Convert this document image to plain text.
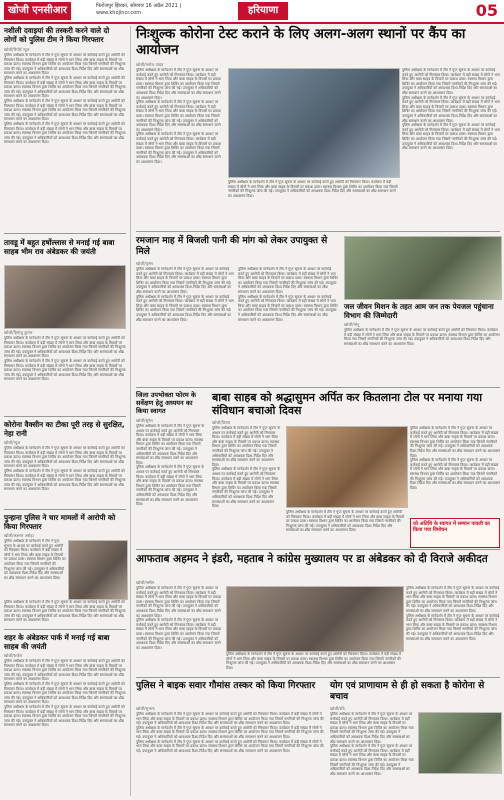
खोजी एनसीआर	फिरोजपुर झिरका, सोमवार 16 अप्रैल 2021 | www.khojincr.com	हरियाणा	05
नशीली दवाइयां की तस्करी करने वाले दो लोगों को पुलिस टीम ने किया गिरफ्तार
खोजी/रिपोर्ट न्यूज
पुलिस अधीक्षक के मार्गदर्शन में टीम ने गुप्त सूचना के आधार पर कार्रवाई करते हुए आरोपी को गिरफ्तार किया। कार्यक्रम में बड़ी संख्या में लोगों ने भाग लिया और बाबा साहब के विचारों पर प्रकाश डाला। स्वास्थ्य विभाग द्वारा शिविर का आयोजन किया गया जिसमें नागरिकों की निःशुल्क जांच की गई। उपायुक्त ने अधिकारियों को आवश्यक दिशा-निर्देश दिए और समस्याओं का शीघ्र समाधान करने का आश्वासन दिया।
पुलिस अधीक्षक के मार्गदर्शन में टीम ने गुप्त सूचना के आधार पर कार्रवाई करते हुए आरोपी को गिरफ्तार किया। कार्यक्रम में बड़ी संख्या में लोगों ने भाग लिया और बाबा साहब के विचारों पर प्रकाश डाला। स्वास्थ्य विभाग द्वारा शिविर का आयोजन किया गया जिसमें नागरिकों की निःशुल्क जांच की गई। उपायुक्त ने अधिकारियों को आवश्यक दिशा-निर्देश दिए और समस्याओं का शीघ्र समाधान करने का आश्वासन दिया।
पुलिस अधीक्षक के मार्गदर्शन में टीम ने गुप्त सूचना के आधार पर कार्रवाई करते हुए आरोपी को गिरफ्तार किया। कार्यक्रम में बड़ी संख्या में लोगों ने भाग लिया और बाबा साहब के विचारों पर प्रकाश डाला। स्वास्थ्य विभाग द्वारा शिविर का आयोजन किया गया जिसमें नागरिकों की निःशुल्क जांच की गई। उपायुक्त ने अधिकारियों को आवश्यक दिशा-निर्देश दिए और समस्याओं का शीघ्र समाधान करने का आश्वासन दिया।
पुलिस अधीक्षक के मार्गदर्शन में टीम ने गुप्त सूचना के आधार पर कार्रवाई करते हुए आरोपी को गिरफ्तार किया। कार्यक्रम में बड़ी संख्या में लोगों ने भाग लिया और बाबा साहब के विचारों पर प्रकाश डाला। स्वास्थ्य विभाग द्वारा शिविर का आयोजन किया गया जिसमें नागरिकों की निःशुल्क जांच की गई। उपायुक्त ने अधिकारियों को आवश्यक दिशा-निर्देश दिए और समस्याओं का शीघ्र समाधान करने का आश्वासन दिया।
तावडू में बहुत हर्षोल्लास से मनाई गई बाबा साहब भीम राव अंबेडकर की जयंती
खोजी/हिमांशु कुमार
पुलिस अधीक्षक के मार्गदर्शन में टीम ने गुप्त सूचना के आधार पर कार्रवाई करते हुए आरोपी को गिरफ्तार किया। कार्यक्रम में बड़ी संख्या में लोगों ने भाग लिया और बाबा साहब के विचारों पर प्रकाश डाला। स्वास्थ्य विभाग द्वारा शिविर का आयोजन किया गया जिसमें नागरिकों की निःशुल्क जांच की गई। उपायुक्त ने अधिकारियों को आवश्यक दिशा-निर्देश दिए और समस्याओं का शीघ्र समाधान करने का आश्वासन दिया।
पुलिस अधीक्षक के मार्गदर्शन में टीम ने गुप्त सूचना के आधार पर कार्रवाई करते हुए आरोपी को गिरफ्तार किया। कार्यक्रम में बड़ी संख्या में लोगों ने भाग लिया और बाबा साहब के विचारों पर प्रकाश डाला। स्वास्थ्य विभाग द्वारा शिविर का आयोजन किया गया जिसमें नागरिकों की निःशुल्क जांच की गई। उपायुक्त ने अधिकारियों को आवश्यक दिशा-निर्देश दिए और समस्याओं का शीघ्र समाधान करने का आश्वासन दिया।
कोरोना वैक्सीन का टीका पूरी तरह से सुरक्षित, नेहा रानी
खोजी/न्यूज
पुलिस अधीक्षक के मार्गदर्शन में टीम ने गुप्त सूचना के आधार पर कार्रवाई करते हुए आरोपी को गिरफ्तार किया। कार्यक्रम में बड़ी संख्या में लोगों ने भाग लिया और बाबा साहब के विचारों पर प्रकाश डाला। स्वास्थ्य विभाग द्वारा शिविर का आयोजन किया गया जिसमें नागरिकों की निःशुल्क जांच की गई। उपायुक्त ने अधिकारियों को आवश्यक दिशा-निर्देश दिए और समस्याओं का शीघ्र समाधान करने का आश्वासन दिया।
पुलिस अधीक्षक के मार्गदर्शन में टीम ने गुप्त सूचना के आधार पर कार्रवाई करते हुए आरोपी को गिरफ्तार किया। कार्यक्रम में बड़ी संख्या में लोगों ने भाग लिया और बाबा साहब के विचारों पर प्रकाश डाला। स्वास्थ्य विभाग द्वारा शिविर का आयोजन किया गया जिसमें नागरिकों की निःशुल्क जांच की गई। उपायुक्त ने अधिकारियों को आवश्यक दिशा-निर्देश दिए और समस्याओं का शीघ्र समाधान करने का आश्वासन दिया।
पुन्हाना पुलिस ने चार मामलों में आरोपी को किया गिरफ्तार
खोजी/लक्ष्मण अरोड़ा
पुलिस अधीक्षक के मार्गदर्शन में टीम ने गुप्त सूचना के आधार पर कार्रवाई करते हुए आरोपी को गिरफ्तार किया। कार्यक्रम में बड़ी संख्या में लोगों ने भाग लिया और बाबा साहब के विचारों पर प्रकाश डाला। स्वास्थ्य विभाग द्वारा शिविर का आयोजन किया गया जिसमें नागरिकों की निःशुल्क जांच की गई। उपायुक्त ने अधिकारियों को आवश्यक दिशा-निर्देश दिए और समस्याओं का शीघ्र समाधान करने का आश्वासन दिया।
पुलिस अधीक्षक के मार्गदर्शन में टीम ने गुप्त सूचना के आधार पर कार्रवाई करते हुए आरोपी को गिरफ्तार किया। कार्यक्रम में बड़ी संख्या में लोगों ने भाग लिया और बाबा साहब के विचारों पर प्रकाश डाला। स्वास्थ्य विभाग द्वारा शिविर का आयोजन किया गया जिसमें नागरिकों की निःशुल्क जांच की गई। उपायुक्त ने अधिकारियों को आवश्यक दिशा-निर्देश दिए और समस्याओं का शीघ्र समाधान करने का आश्वासन दिया।
शहर के अंबेडकर पार्क में मनाई गई बाबा साहब की जयंती
खोजी/राजेश
पुलिस अधीक्षक के मार्गदर्शन में टीम ने गुप्त सूचना के आधार पर कार्रवाई करते हुए आरोपी को गिरफ्तार किया। कार्यक्रम में बड़ी संख्या में लोगों ने भाग लिया और बाबा साहब के विचारों पर प्रकाश डाला। स्वास्थ्य विभाग द्वारा शिविर का आयोजन किया गया जिसमें नागरिकों की निःशुल्क जांच की गई। उपायुक्त ने अधिकारियों को आवश्यक दिशा-निर्देश दिए और समस्याओं का शीघ्र समाधान करने का आश्वासन दिया।
पुलिस अधीक्षक के मार्गदर्शन में टीम ने गुप्त सूचना के आधार पर कार्रवाई करते हुए आरोपी को गिरफ्तार किया। कार्यक्रम में बड़ी संख्या में लोगों ने भाग लिया और बाबा साहब के विचारों पर प्रकाश डाला। स्वास्थ्य विभाग द्वारा शिविर का आयोजन किया गया जिसमें नागरिकों की निःशुल्क जांच की गई। उपायुक्त ने अधिकारियों को आवश्यक दिशा-निर्देश दिए और समस्याओं का शीघ्र समाधान करने का आश्वासन दिया।
पुलिस अधीक्षक के मार्गदर्शन में टीम ने गुप्त सूचना के आधार पर कार्रवाई करते हुए आरोपी को गिरफ्तार किया। कार्यक्रम में बड़ी संख्या में लोगों ने भाग लिया और बाबा साहब के विचारों पर प्रकाश डाला। स्वास्थ्य विभाग द्वारा शिविर का आयोजन किया गया जिसमें नागरिकों की निःशुल्क जांच की गई। उपायुक्त ने अधिकारियों को आवश्यक दिशा-निर्देश दिए और समस्याओं का शीघ्र समाधान करने का आश्वासन दिया।
निःशुल्क कोरोना टेस्ट कराने के लिए अलग-अलग स्थानों पर कैंप का आयोजन
खोजी/मनोज यादव
पुलिस अधीक्षक के मार्गदर्शन में टीम ने गुप्त सूचना के आधार पर कार्रवाई करते हुए आरोपी को गिरफ्तार किया। कार्यक्रम में बड़ी संख्या में लोगों ने भाग लिया और बाबा साहब के विचारों पर प्रकाश डाला। स्वास्थ्य विभाग द्वारा शिविर का आयोजन किया गया जिसमें नागरिकों की निःशुल्क जांच की गई। उपायुक्त ने अधिकारियों को आवश्यक दिशा-निर्देश दिए और समस्याओं का शीघ्र समाधान करने का आश्वासन दिया।
पुलिस अधीक्षक के मार्गदर्शन में टीम ने गुप्त सूचना के आधार पर कार्रवाई करते हुए आरोपी को गिरफ्तार किया। कार्यक्रम में बड़ी संख्या में लोगों ने भाग लिया और बाबा साहब के विचारों पर प्रकाश डाला। स्वास्थ्य विभाग द्वारा शिविर का आयोजन किया गया जिसमें नागरिकों की निःशुल्क जांच की गई। उपायुक्त ने अधिकारियों को आवश्यक दिशा-निर्देश दिए और समस्याओं का शीघ्र समाधान करने का आश्वासन दिया।
पुलिस अधीक्षक के मार्गदर्शन में टीम ने गुप्त सूचना के आधार पर कार्रवाई करते हुए आरोपी को गिरफ्तार किया। कार्यक्रम में बड़ी संख्या में लोगों ने भाग लिया और बाबा साहब के विचारों पर प्रकाश डाला। स्वास्थ्य विभाग द्वारा शिविर का आयोजन किया गया जिसमें नागरिकों की निःशुल्क जांच की गई। उपायुक्त ने अधिकारियों को आवश्यक दिशा-निर्देश दिए और समस्याओं का शीघ्र समाधान करने का आश्वासन दिया।
पुलिस अधीक्षक के मार्गदर्शन में टीम ने गुप्त सूचना के आधार पर कार्रवाई करते हुए आरोपी को गिरफ्तार किया। कार्यक्रम में बड़ी संख्या में लोगों ने भाग लिया और बाबा साहब के विचारों पर प्रकाश डाला। स्वास्थ्य विभाग द्वारा शिविर का आयोजन किया गया जिसमें नागरिकों की निःशुल्क जांच की गई। उपायुक्त ने अधिकारियों को आवश्यक दिशा-निर्देश दिए और समस्याओं का शीघ्र समाधान करने का आश्वासन दिया।
पुलिस अधीक्षक के मार्गदर्शन में टीम ने गुप्त सूचना के आधार पर कार्रवाई करते हुए आरोपी को गिरफ्तार किया। कार्यक्रम में बड़ी संख्या में लोगों ने भाग लिया और बाबा साहब के विचारों पर प्रकाश डाला। स्वास्थ्य विभाग द्वारा शिविर का आयोजन किया गया जिसमें नागरिकों की निःशुल्क जांच की गई। उपायुक्त ने अधिकारियों को आवश्यक दिशा-निर्देश दिए और समस्याओं का शीघ्र समाधान करने का आश्वासन दिया।
पुलिस अधीक्षक के मार्गदर्शन में टीम ने गुप्त सूचना के आधार पर कार्रवाई करते हुए आरोपी को गिरफ्तार किया। कार्यक्रम में बड़ी संख्या में लोगों ने भाग लिया और बाबा साहब के विचारों पर प्रकाश डाला। स्वास्थ्य विभाग द्वारा शिविर का आयोजन किया गया जिसमें नागरिकों की निःशुल्क जांच की गई। उपायुक्त ने अधिकारियों को आवश्यक दिशा-निर्देश दिए और समस्याओं का शीघ्र समाधान करने का आश्वासन दिया।
पुलिस अधीक्षक के मार्गदर्शन में टीम ने गुप्त सूचना के आधार पर कार्रवाई करते हुए आरोपी को गिरफ्तार किया। कार्यक्रम में बड़ी संख्या में लोगों ने भाग लिया और बाबा साहब के विचारों पर प्रकाश डाला। स्वास्थ्य विभाग द्वारा शिविर का आयोजन किया गया जिसमें नागरिकों की निःशुल्क जांच की गई। उपायुक्त ने अधिकारियों को आवश्यक दिशा-निर्देश दिए और समस्याओं का शीघ्र समाधान करने का आश्वासन दिया।
रमजान माह में बिजली पानी की मांग को लेकर उपायुक्त से मिले
खोजी/कृष्ण
पुलिस अधीक्षक के मार्गदर्शन में टीम ने गुप्त सूचना के आधार पर कार्रवाई करते हुए आरोपी को गिरफ्तार किया। कार्यक्रम में बड़ी संख्या में लोगों ने भाग लिया और बाबा साहब के विचारों पर प्रकाश डाला। स्वास्थ्य विभाग द्वारा शिविर का आयोजन किया गया जिसमें नागरिकों की निःशुल्क जांच की गई। उपायुक्त ने अधिकारियों को आवश्यक दिशा-निर्देश दिए और समस्याओं का शीघ्र समाधान करने का आश्वासन दिया।
पुलिस अधीक्षक के मार्गदर्शन में टीम ने गुप्त सूचना के आधार पर कार्रवाई करते हुए आरोपी को गिरफ्तार किया। कार्यक्रम में बड़ी संख्या में लोगों ने भाग लिया और बाबा साहब के विचारों पर प्रकाश डाला। स्वास्थ्य विभाग द्वारा शिविर का आयोजन किया गया जिसमें नागरिकों की निःशुल्क जांच की गई। उपायुक्त ने अधिकारियों को आवश्यक दिशा-निर्देश दिए और समस्याओं का शीघ्र समाधान करने का आश्वासन दिया।
पुलिस अधीक्षक के मार्गदर्शन में टीम ने गुप्त सूचना के आधार पर कार्रवाई करते हुए आरोपी को गिरफ्तार किया। कार्यक्रम में बड़ी संख्या में लोगों ने भाग लिया और बाबा साहब के विचारों पर प्रकाश डाला। स्वास्थ्य विभाग द्वारा शिविर का आयोजन किया गया जिसमें नागरिकों की निःशुल्क जांच की गई। उपायुक्त ने अधिकारियों को आवश्यक दिशा-निर्देश दिए और समस्याओं का शीघ्र समाधान करने का आश्वासन दिया।
पुलिस अधीक्षक के मार्गदर्शन में टीम ने गुप्त सूचना के आधार पर कार्रवाई करते हुए आरोपी को गिरफ्तार किया। कार्यक्रम में बड़ी संख्या में लोगों ने भाग लिया और बाबा साहब के विचारों पर प्रकाश डाला। स्वास्थ्य विभाग द्वारा शिविर का आयोजन किया गया जिसमें नागरिकों की निःशुल्क जांच की गई। उपायुक्त ने अधिकारियों को आवश्यक दिशा-निर्देश दिए और समस्याओं का शीघ्र समाधान करने का आश्वासन दिया।
जल जीवन मिशन के तहत आम जन तक पेयजल पहुंचाना विभाग की जिम्मेदारी
खोजी/मोनू
पुलिस अधीक्षक के मार्गदर्शन में टीम ने गुप्त सूचना के आधार पर कार्रवाई करते हुए आरोपी को गिरफ्तार किया। कार्यक्रम में बड़ी संख्या में लोगों ने भाग लिया और बाबा साहब के विचारों पर प्रकाश डाला। स्वास्थ्य विभाग द्वारा शिविर का आयोजन किया गया जिसमें नागरिकों की निःशुल्क जांच की गई। उपायुक्त ने अधिकारियों को आवश्यक दिशा-निर्देश दिए और समस्याओं का शीघ्र समाधान करने का आश्वासन दिया।
जिला उपभोक्ता फोरम के सर्वेक्षण हेतु अध्ययन का किया स्वागत
खोजी/सुरेश
पुलिस अधीक्षक के मार्गदर्शन में टीम ने गुप्त सूचना के आधार पर कार्रवाई करते हुए आरोपी को गिरफ्तार किया। कार्यक्रम में बड़ी संख्या में लोगों ने भाग लिया और बाबा साहब के विचारों पर प्रकाश डाला। स्वास्थ्य विभाग द्वारा शिविर का आयोजन किया गया जिसमें नागरिकों की निःशुल्क जांच की गई। उपायुक्त ने अधिकारियों को आवश्यक दिशा-निर्देश दिए और समस्याओं का शीघ्र समाधान करने का आश्वासन दिया।
पुलिस अधीक्षक के मार्गदर्शन में टीम ने गुप्त सूचना के आधार पर कार्रवाई करते हुए आरोपी को गिरफ्तार किया। कार्यक्रम में बड़ी संख्या में लोगों ने भाग लिया और बाबा साहब के विचारों पर प्रकाश डाला। स्वास्थ्य विभाग द्वारा शिविर का आयोजन किया गया जिसमें नागरिकों की निःशुल्क जांच की गई। उपायुक्त ने अधिकारियों को आवश्यक दिशा-निर्देश दिए और समस्याओं का शीघ्र समाधान करने का आश्वासन दिया।
बाबा साहब को श्रद्धासुमन अर्पित कर कितलाना टोल पर मनाया गया संविधान बचाओ दिवस
खोजी/विजय
पुलिस अधीक्षक के मार्गदर्शन में टीम ने गुप्त सूचना के आधार पर कार्रवाई करते हुए आरोपी को गिरफ्तार किया। कार्यक्रम में बड़ी संख्या में लोगों ने भाग लिया और बाबा साहब के विचारों पर प्रकाश डाला। स्वास्थ्य विभाग द्वारा शिविर का आयोजन किया गया जिसमें नागरिकों की निःशुल्क जांच की गई। उपायुक्त ने अधिकारियों को आवश्यक दिशा-निर्देश दिए और समस्याओं का शीघ्र समाधान करने का आश्वासन दिया।
पुलिस अधीक्षक के मार्गदर्शन में टीम ने गुप्त सूचना के आधार पर कार्रवाई करते हुए आरोपी को गिरफ्तार किया। कार्यक्रम में बड़ी संख्या में लोगों ने भाग लिया और बाबा साहब के विचारों पर प्रकाश डाला। स्वास्थ्य विभाग द्वारा शिविर का आयोजन किया गया जिसमें नागरिकों की निःशुल्क जांच की गई। उपायुक्त ने अधिकारियों को आवश्यक दिशा-निर्देश दिए और समस्याओं का शीघ्र समाधान करने का आश्वासन दिया।
पुलिस अधीक्षक के मार्गदर्शन में टीम ने गुप्त सूचना के आधार पर कार्रवाई करते हुए आरोपी को गिरफ्तार किया। कार्यक्रम में बड़ी संख्या में लोगों ने भाग लिया और बाबा साहब के विचारों पर प्रकाश डाला। स्वास्थ्य विभाग द्वारा शिविर का आयोजन किया गया जिसमें नागरिकों की निःशुल्क जांच की गई। उपायुक्त ने अधिकारियों को आवश्यक दिशा-निर्देश दिए और समस्याओं का शीघ्र समाधान करने का आश्वासन दिया।
पुलिस अधीक्षक के मार्गदर्शन में टीम ने गुप्त सूचना के आधार पर कार्रवाई करते हुए आरोपी को गिरफ्तार किया। कार्यक्रम में बड़ी संख्या में लोगों ने भाग लिया और बाबा साहब के विचारों पर प्रकाश डाला। स्वास्थ्य विभाग द्वारा शिविर का आयोजन किया गया जिसमें नागरिकों की निःशुल्क जांच की गई। उपायुक्त ने अधिकारियों को आवश्यक दिशा-निर्देश दिए और समस्याओं का शीघ्र समाधान करने का आश्वासन दिया।
पुलिस अधीक्षक के मार्गदर्शन में टीम ने गुप्त सूचना के आधार पर कार्रवाई करते हुए आरोपी को गिरफ्तार किया। कार्यक्रम में बड़ी संख्या में लोगों ने भाग लिया और बाबा साहब के विचारों पर प्रकाश डाला। स्वास्थ्य विभाग द्वारा शिविर का आयोजन किया गया जिसमें नागरिकों की निःशुल्क जांच की गई। उपायुक्त ने अधिकारियों को आवश्यक दिशा-निर्देश दिए और समस्याओं का शीघ्र समाधान करने का आश्वासन दिया।
जो अतिथि के स्वागत में सम्मान पावली का किया गया विमोचन
आफताब अहमद ने इंडरी, महताब ने कांग्रेस मुख्यालय पर डा अंबेडकर को दी विराजे अकीदत
खोजी/नसीम
पुलिस अधीक्षक के मार्गदर्शन में टीम ने गुप्त सूचना के आधार पर कार्रवाई करते हुए आरोपी को गिरफ्तार किया। कार्यक्रम में बड़ी संख्या में लोगों ने भाग लिया और बाबा साहब के विचारों पर प्रकाश डाला। स्वास्थ्य विभाग द्वारा शिविर का आयोजन किया गया जिसमें नागरिकों की निःशुल्क जांच की गई। उपायुक्त ने अधिकारियों को आवश्यक दिशा-निर्देश दिए और समस्याओं का शीघ्र समाधान करने का आश्वासन दिया।
पुलिस अधीक्षक के मार्गदर्शन में टीम ने गुप्त सूचना के आधार पर कार्रवाई करते हुए आरोपी को गिरफ्तार किया। कार्यक्रम में बड़ी संख्या में लोगों ने भाग लिया और बाबा साहब के विचारों पर प्रकाश डाला। स्वास्थ्य विभाग द्वारा शिविर का आयोजन किया गया जिसमें नागरिकों की निःशुल्क जांच की गई। उपायुक्त ने अधिकारियों को आवश्यक दिशा-निर्देश दिए और समस्याओं का शीघ्र समाधान करने का आश्वासन दिया।
पुलिस अधीक्षक के मार्गदर्शन में टीम ने गुप्त सूचना के आधार पर कार्रवाई करते हुए आरोपी को गिरफ्तार किया। कार्यक्रम में बड़ी संख्या में लोगों ने भाग लिया और बाबा साहब के विचारों पर प्रकाश डाला। स्वास्थ्य विभाग द्वारा शिविर का आयोजन किया गया जिसमें नागरिकों की निःशुल्क जांच की गई। उपायुक्त ने अधिकारियों को आवश्यक दिशा-निर्देश दिए और समस्याओं का शीघ्र समाधान करने का आश्वासन दिया।
पुलिस अधीक्षक के मार्गदर्शन में टीम ने गुप्त सूचना के आधार पर कार्रवाई करते हुए आरोपी को गिरफ्तार किया। कार्यक्रम में बड़ी संख्या में लोगों ने भाग लिया और बाबा साहब के विचारों पर प्रकाश डाला। स्वास्थ्य विभाग द्वारा शिविर का आयोजन किया गया जिसमें नागरिकों की निःशुल्क जांच की गई। उपायुक्त ने अधिकारियों को आवश्यक दिशा-निर्देश दिए और समस्याओं का शीघ्र समाधान करने का आश्वासन दिया।
पुलिस अधीक्षक के मार्गदर्शन में टीम ने गुप्त सूचना के आधार पर कार्रवाई करते हुए आरोपी को गिरफ्तार किया। कार्यक्रम में बड़ी संख्या में लोगों ने भाग लिया और बाबा साहब के विचारों पर प्रकाश डाला। स्वास्थ्य विभाग द्वारा शिविर का आयोजन किया गया जिसमें नागरिकों की निःशुल्क जांच की गई। उपायुक्त ने अधिकारियों को आवश्यक दिशा-निर्देश दिए और समस्याओं का शीघ्र समाधान करने का आश्वासन दिया।
पुलिस ने बाइक सवार गौमांस तस्कर को किया गिरफ्तार
खोजी/सुभाष
पुलिस अधीक्षक के मार्गदर्शन में टीम ने गुप्त सूचना के आधार पर कार्रवाई करते हुए आरोपी को गिरफ्तार किया। कार्यक्रम में बड़ी संख्या में लोगों ने भाग लिया और बाबा साहब के विचारों पर प्रकाश डाला। स्वास्थ्य विभाग द्वारा शिविर का आयोजन किया गया जिसमें नागरिकों की निःशुल्क जांच की गई। उपायुक्त ने अधिकारियों को आवश्यक दिशा-निर्देश दिए और समस्याओं का शीघ्र समाधान करने का आश्वासन दिया।
पुलिस अधीक्षक के मार्गदर्शन में टीम ने गुप्त सूचना के आधार पर कार्रवाई करते हुए आरोपी को गिरफ्तार किया। कार्यक्रम में बड़ी संख्या में लोगों ने भाग लिया और बाबा साहब के विचारों पर प्रकाश डाला। स्वास्थ्य विभाग द्वारा शिविर का आयोजन किया गया जिसमें नागरिकों की निःशुल्क जांच की गई। उपायुक्त ने अधिकारियों को आवश्यक दिशा-निर्देश दिए और समस्याओं का शीघ्र समाधान करने का आश्वासन दिया।
पुलिस अधीक्षक के मार्गदर्शन में टीम ने गुप्त सूचना के आधार पर कार्रवाई करते हुए आरोपी को गिरफ्तार किया। कार्यक्रम में बड़ी संख्या में लोगों ने भाग लिया और बाबा साहब के विचारों पर प्रकाश डाला। स्वास्थ्य विभाग द्वारा शिविर का आयोजन किया गया जिसमें नागरिकों की निःशुल्क जांच की गई। उपायुक्त ने अधिकारियों को आवश्यक दिशा-निर्देश दिए और समस्याओं का शीघ्र समाधान करने का आश्वासन दिया।
योग एवं प्राणायाम से ही हो सकता है कोरोना से बचाव
खोजी/रवि
पुलिस अधीक्षक के मार्गदर्शन में टीम ने गुप्त सूचना के आधार पर कार्रवाई करते हुए आरोपी को गिरफ्तार किया। कार्यक्रम में बड़ी संख्या में लोगों ने भाग लिया और बाबा साहब के विचारों पर प्रकाश डाला। स्वास्थ्य विभाग द्वारा शिविर का आयोजन किया गया जिसमें नागरिकों की निःशुल्क जांच की गई। उपायुक्त ने अधिकारियों को आवश्यक दिशा-निर्देश दिए और समस्याओं का शीघ्र समाधान करने का आश्वासन दिया।
पुलिस अधीक्षक के मार्गदर्शन में टीम ने गुप्त सूचना के आधार पर कार्रवाई करते हुए आरोपी को गिरफ्तार किया। कार्यक्रम में बड़ी संख्या में लोगों ने भाग लिया और बाबा साहब के विचारों पर प्रकाश डाला। स्वास्थ्य विभाग द्वारा शिविर का आयोजन किया गया जिसमें नागरिकों की निःशुल्क जांच की गई। उपायुक्त ने अधिकारियों को आवश्यक दिशा-निर्देश दिए और समस्याओं का शीघ्र समाधान करने का आश्वासन दिया।
